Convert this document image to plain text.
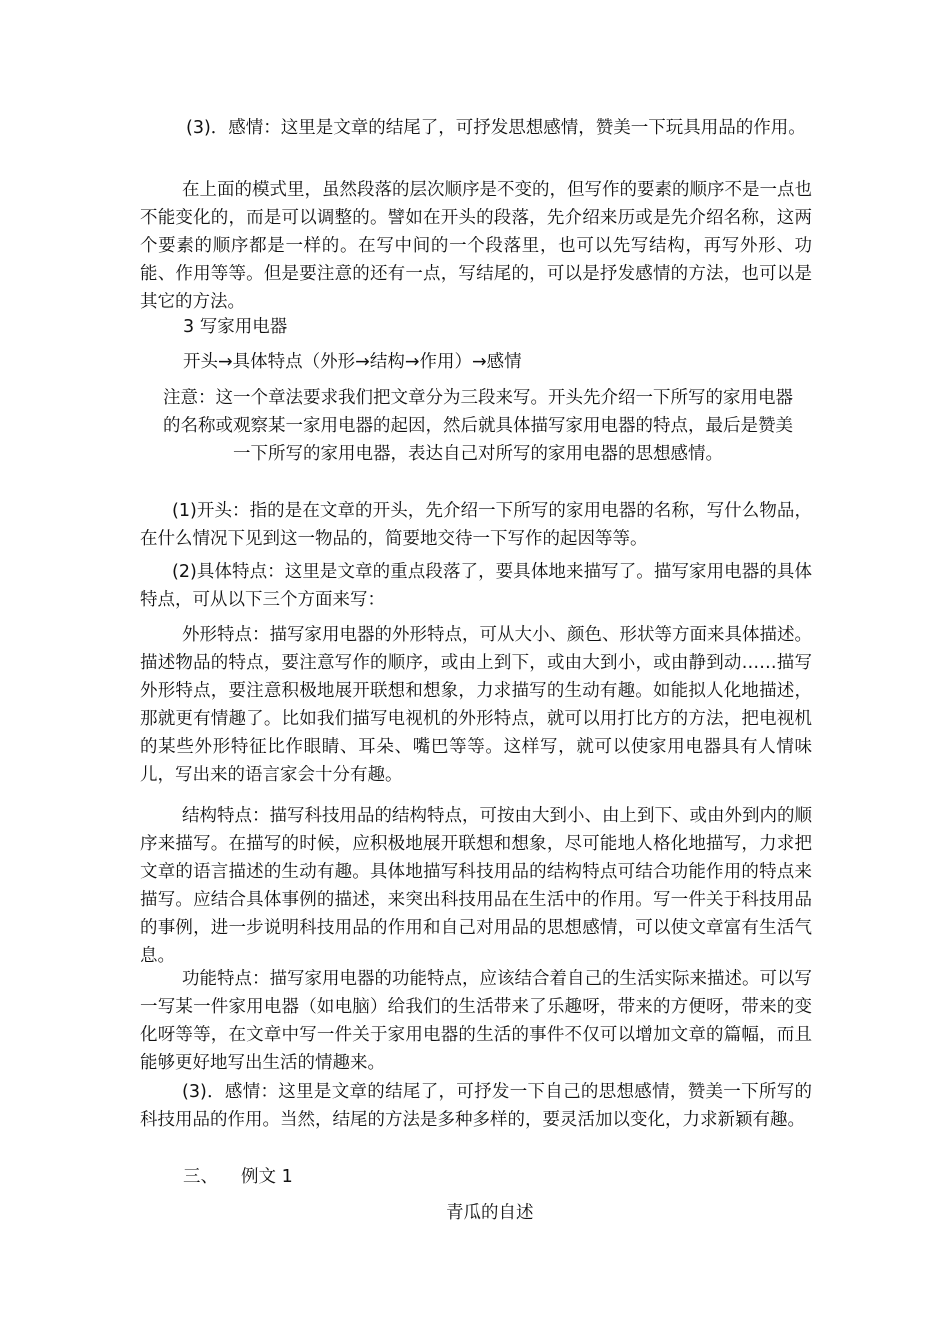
(3)．感情：这里是文章的结尾了，可抒发思想感情，赞美一下玩具用品的作用。

在上面的模式里，虽然段落的层次顺序是不变的，但写作的要素的顺序不是一点也不能变化的，而是可以调整的。譬如在开头的段落，先介绍来历或是先介绍名称，这两个要素的顺序都是一样的。在写中间的一个段落里，也可以先写结构，再写外形、功能、作用等等。但是要注意的还有一点，写结尾的，可以是抒发感情的方法，也可以是其它的方法。

3 写家用电器

开头→具体特点（外形→结构→作用）→感情

注意：这一个章法要求我们把文章分为三段来写。开头先介绍一下所写的家用电器的名称或观察某一家用电器的起因，然后就具体描写家用电器的特点，最后是赞美一下所写的家用电器，表达自己对所写的家用电器的思想感情。

(1)开头：指的是在文章的开头，先介绍一下所写的家用电器的名称，写什么物品，在什么情况下见到这一物品的，简要地交待一下写作的起因等等。

(2)具体特点：这里是文章的重点段落了，要具体地来描写了。描写家用电器的具体特点，可从以下三个方面来写：

外形特点：描写家用电器的外形特点，可从大小、颜色、形状等方面来具体描述。描述物品的特点，要注意写作的顺序，或由上到下，或由大到小，或由静到动……描写外形特点，要注意积极地展开联想和想象，力求描写的生动有趣。如能拟人化地描述，那就更有情趣了。比如我们描写电视机的外形特点，就可以用打比方的方法，把电视机的某些外形特征比作眼睛、耳朵、嘴巴等等。这样写，就可以使家用电器具有人情味儿，写出来的语言家会十分有趣。

结构特点：描写科技用品的结构特点，可按由大到小、由上到下、或由外到内的顺序来描写。在描写的时候，应积极地展开联想和想象，尽可能地人格化地描写，力求把文章的语言描述的生动有趣。具体地描写科技用品的结构特点可结合功能作用的特点来描写。应结合具体事例的描述，来突出科技用品在生活中的作用。写一件关于科技用品的事例，进一步说明科技用品的作用和自己对用品的思想感情，可以使文章富有生活气息。

功能特点：描写家用电器的功能特点，应该结合着自己的生活实际来描述。可以写一写某一件家用电器（如电脑）给我们的生活带来了乐趣呀，带来的方便呀，带来的变化呀等等，在文章中写一件关于家用电器的生活的事件不仅可以增加文章的篇幅，而且能够更好地写出生活的情趣来。

(3)．感情：这里是文章的结尾了，可抒发一下自己的思想感情，赞美一下所写的科技用品的作用。当然，结尾的方法是多种多样的，要灵活加以变化，力求新颖有趣。

三、 例文 1

青瓜的自述
